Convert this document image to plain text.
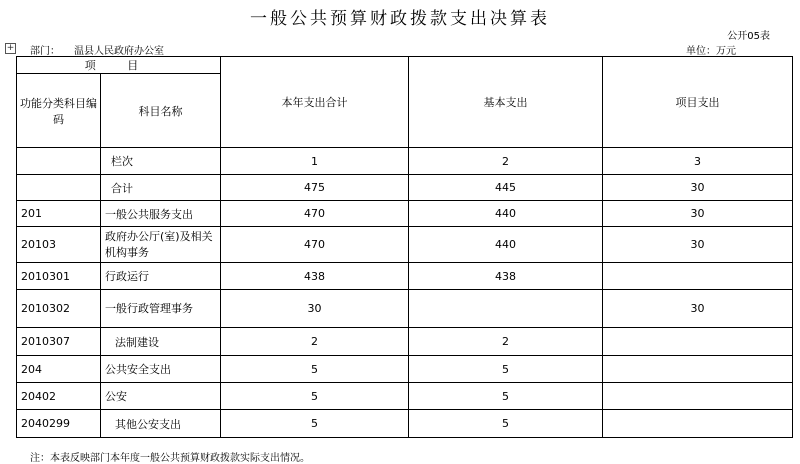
一般公共预算财政拨款支出决算表
公开05表
+ 部门： 温县人民政府办公室	单位：万元
项 目		本年支出合计	基本支出	项目支出
功能分类科目编码	科目名称			
	栏次	1	2	3
	合计	475	445	30
201	一般公共服务支出	470	440	30
20103	政府办公厅(室)及相关机构事务	470	440	30
2010301	行政运行	438	438	
2010302	一般行政管理事务	30		30
2010307	法制建设	2	2	
204	公共安全支出	5	5	
20402	公安	5	5	
2040299	其他公安支出	5	5	
注：本表反映部门本年度一般公共预算财政拨款实际支出情况。
